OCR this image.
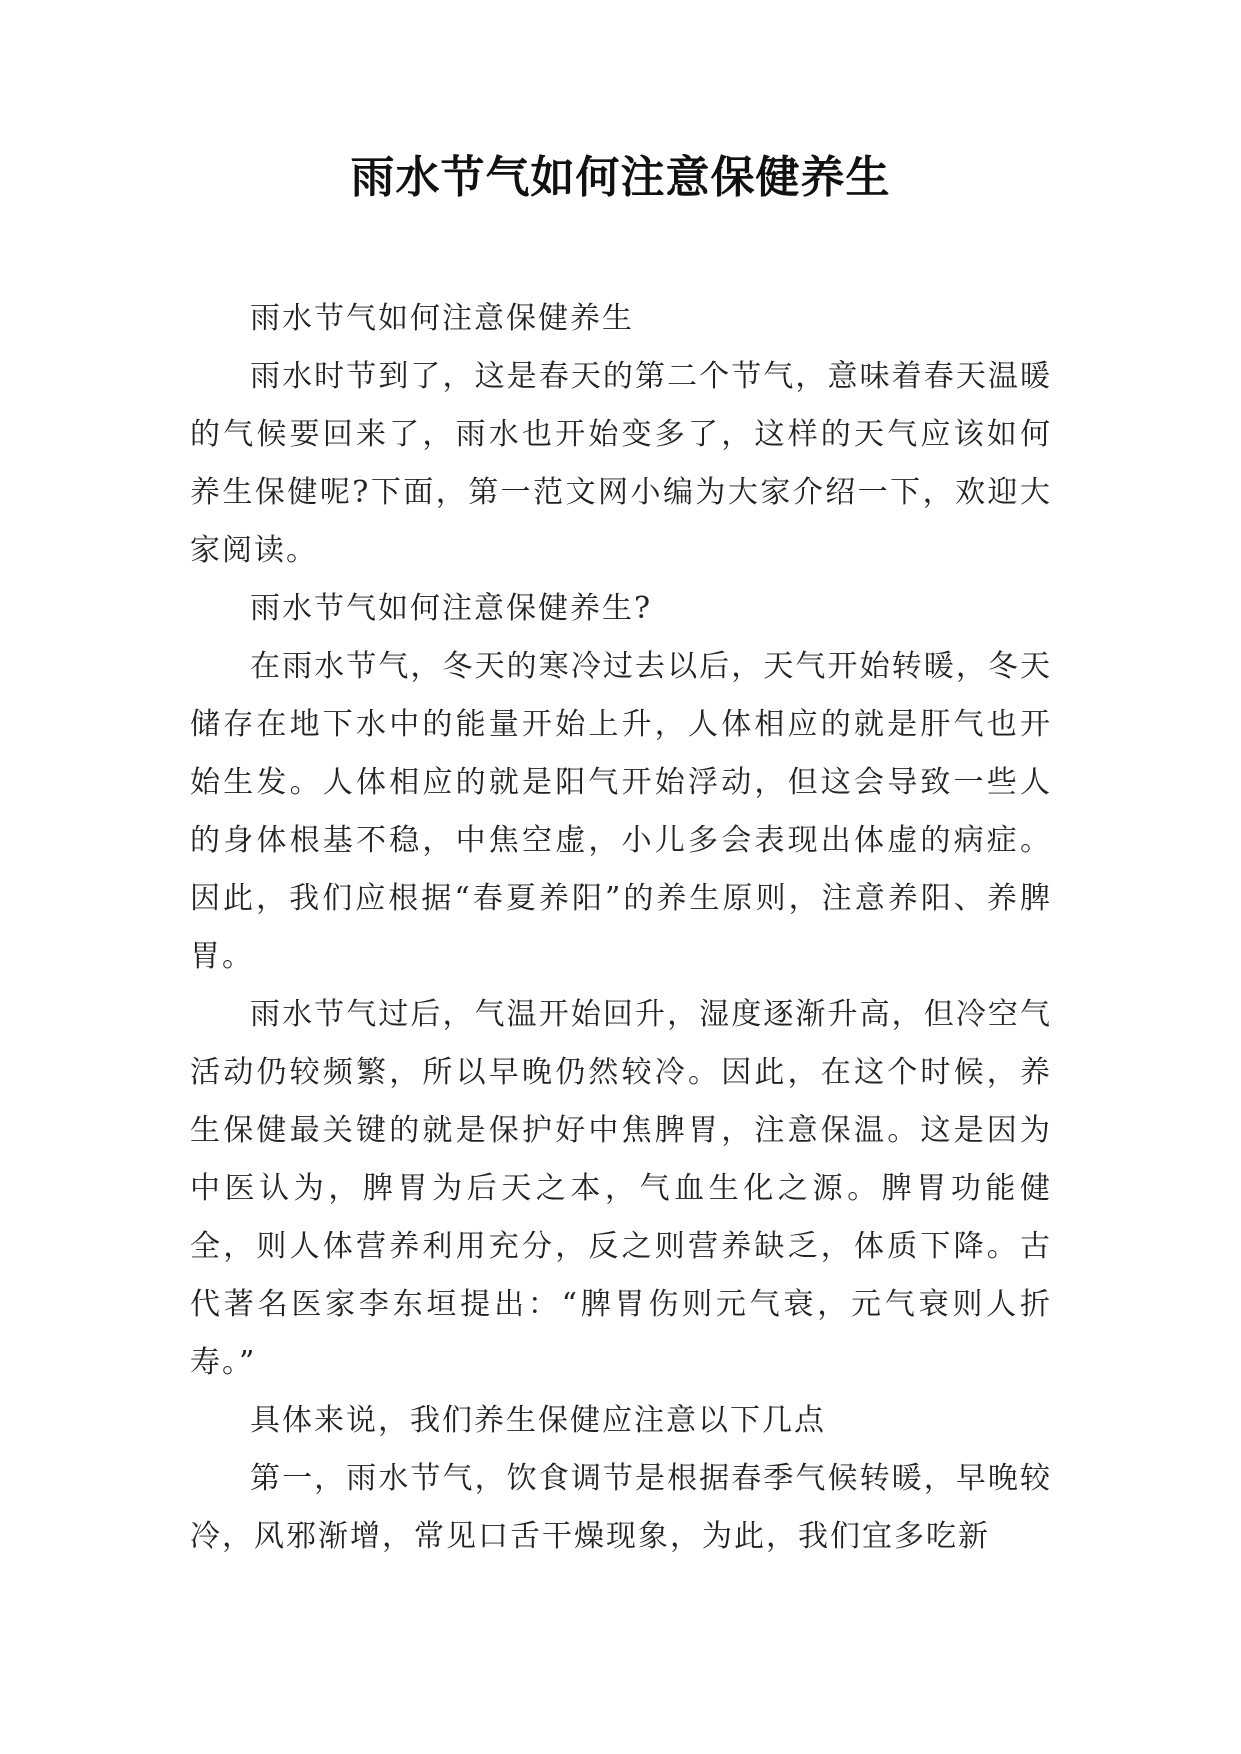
雨水节气如何注意保健养生

雨水节气如何注意保健养生

雨水时节到了，这是春天的第二个节气，意味着春天温暖的气候要回来了，雨水也开始变多了，这样的天气应该如何养生保健呢?下面，第一范文网小编为大家介绍一下，欢迎大家阅读。

雨水节气如何注意保健养生?

在雨水节气，冬天的寒冷过去以后，天气开始转暖，冬天储存在地下水中的能量开始上升，人体相应的就是肝气也开始生发。人体相应的就是阳气开始浮动，但这会导致一些人的身体根基不稳，中焦空虚，小儿多会表现出体虚的病症。因此，我们应根据“春夏养阳”的养生原则，注意养阳、养脾胃。

雨水节气过后，气温开始回升，湿度逐渐升高，但冷空气活动仍较频繁，所以早晚仍然较冷。因此，在这个时候，养生保健最关键的就是保护好中焦脾胃，注意保温。这是因为中医认为，脾胃为后天之本，气血生化之源。脾胃功能健全，则人体营养利用充分，反之则营养缺乏，体质下降。古代著名医家李东垣提出：“脾胃伤则元气衰，元气衰则人折寿。”

具体来说，我们养生保健应注意以下几点

第一，雨水节气，饮食调节是根据春季气候转暖，早晚较冷，风邪渐增，常见口舌干燥现象，为此，我们宜多吃新
